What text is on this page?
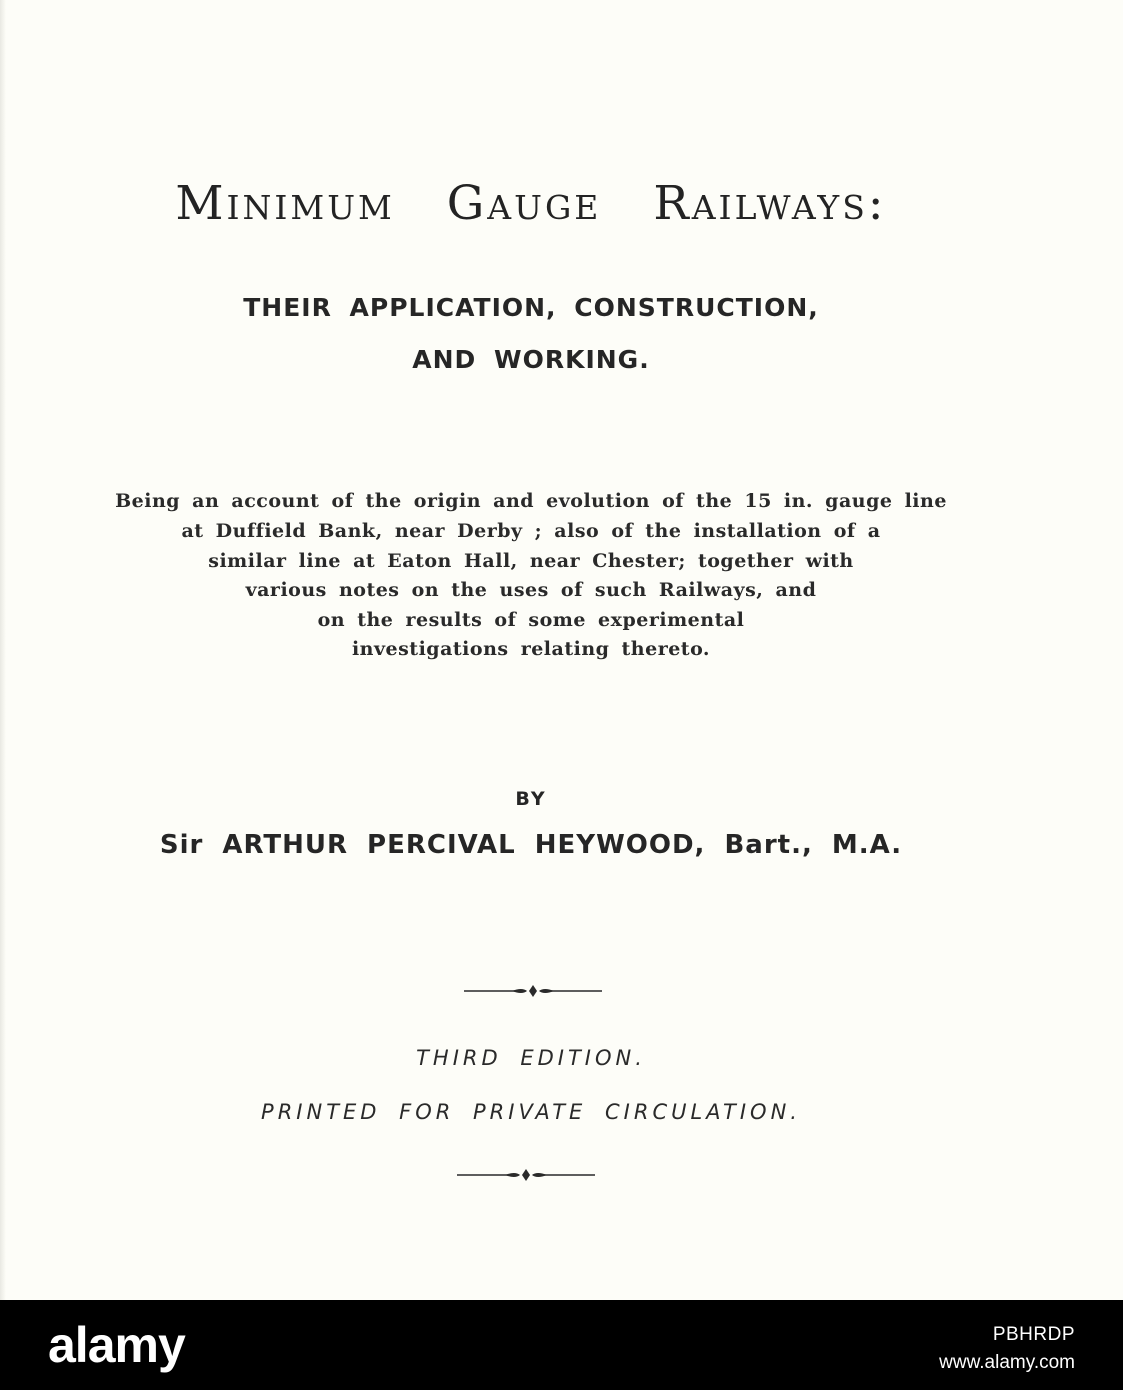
Minimum Gauge Railways:
THEIR APPLICATION, CONSTRUCTION,
AND WORKING.
Being an account of the origin and evolution of the 15 in. gauge line
at Duffield Bank, near Derby ; also of the installation of a
similar line at Eaton Hall, near Chester; together with
various notes on the uses of such Railways, and
on the results of some experimental
investigations relating thereto.
BY
Sir ARTHUR PERCIVAL HEYWOOD, Bart., M.A.
THIRD EDITION.
PRINTED FOR PRIVATE CIRCULATION.
alamy	PBHRDP
www.alamy.com
